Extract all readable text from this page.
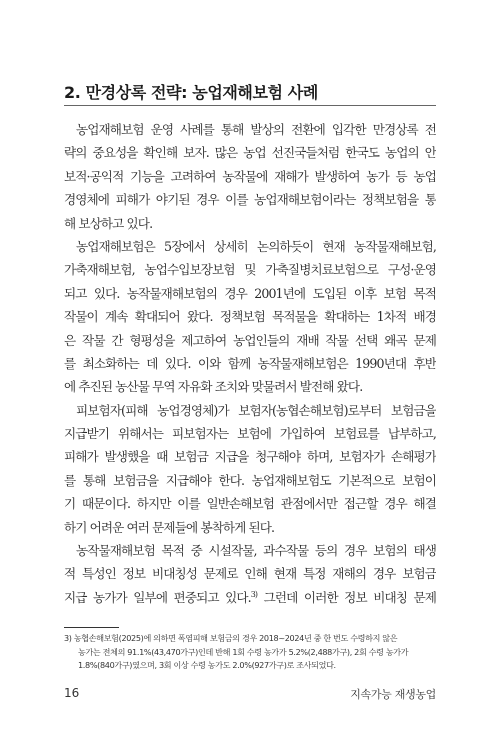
2. 만경상록 전략: 농업재해보험 사례
농업재해보험 운영 사례를 통해 발상의 전환에 입각한 만경상록 전
략의 중요성을 확인해 보자. 많은 농업 선진국들처럼 한국도 농업의 안
보적·공익적 기능을 고려하여 농작물에 재해가 발생하여 농가 등 농업
경영체에 피해가 야기된 경우 이를 농업재해보험이라는 정책보험을 통
해 보상하고 있다.
농업재해보험은 5장에서 상세히 논의하듯이 현재 농작물재해보험,
가축재해보험, 농업수입보장보험 및 가축질병치료보험으로 구성·운영
되고 있다. 농작물재해보험의 경우 2001년에 도입된 이후 보험 목적
작물이 계속 확대되어 왔다. 정책보험 목적물을 확대하는 1차적 배경
은 작물 간 형평성을 제고하여 농업인들의 재배 작물 선택 왜곡 문제
를 최소화하는 데 있다. 이와 함께 농작물재해보험은 1990년대 후반
에 추진된 농산물 무역 자유화 조치와 맞물려서 발전해 왔다.
피보험자(피해 농업경영체)가 보험자(농협손해보험)로부터 보험금을
지급받기 위해서는 피보험자는 보험에 가입하여 보험료를 납부하고,
피해가 발생했을 때 보험금 지급을 청구해야 하며, 보험자가 손해평가
를 통해 보험금을 지급해야 한다. 농업재해보험도 기본적으로 보험이
기 때문이다. 하지만 이를 일반손해보험 관점에서만 접근할 경우 해결
하기 어려운 여러 문제들에 봉착하게 된다.
농작물재해보험 목적 중 시설작물, 과수작물 등의 경우 보험의 태생
적 특성인 정보 비대칭성 문제로 인해 현재 특정 재해의 경우 보험금
지급 농가가 일부에 편중되고 있다.$^{3)}$ 그런데 이러한 정보 비대칭 문제
3) 농협손해보험(2025)에 의하면 폭염피해 보험금의 경우 2018~2024년 중 한 번도 수령하지 않은
농가는 전체의 91.1%(43,470가구)인데 반해 1회 수령 농가가 5.2%(2,488가구), 2회 수령 농가가
1.8%(840가구)였으며, 3회 이상 수령 농가도 2.0%(927가구)로 조사되었다.
16	지속가능 재생농업
